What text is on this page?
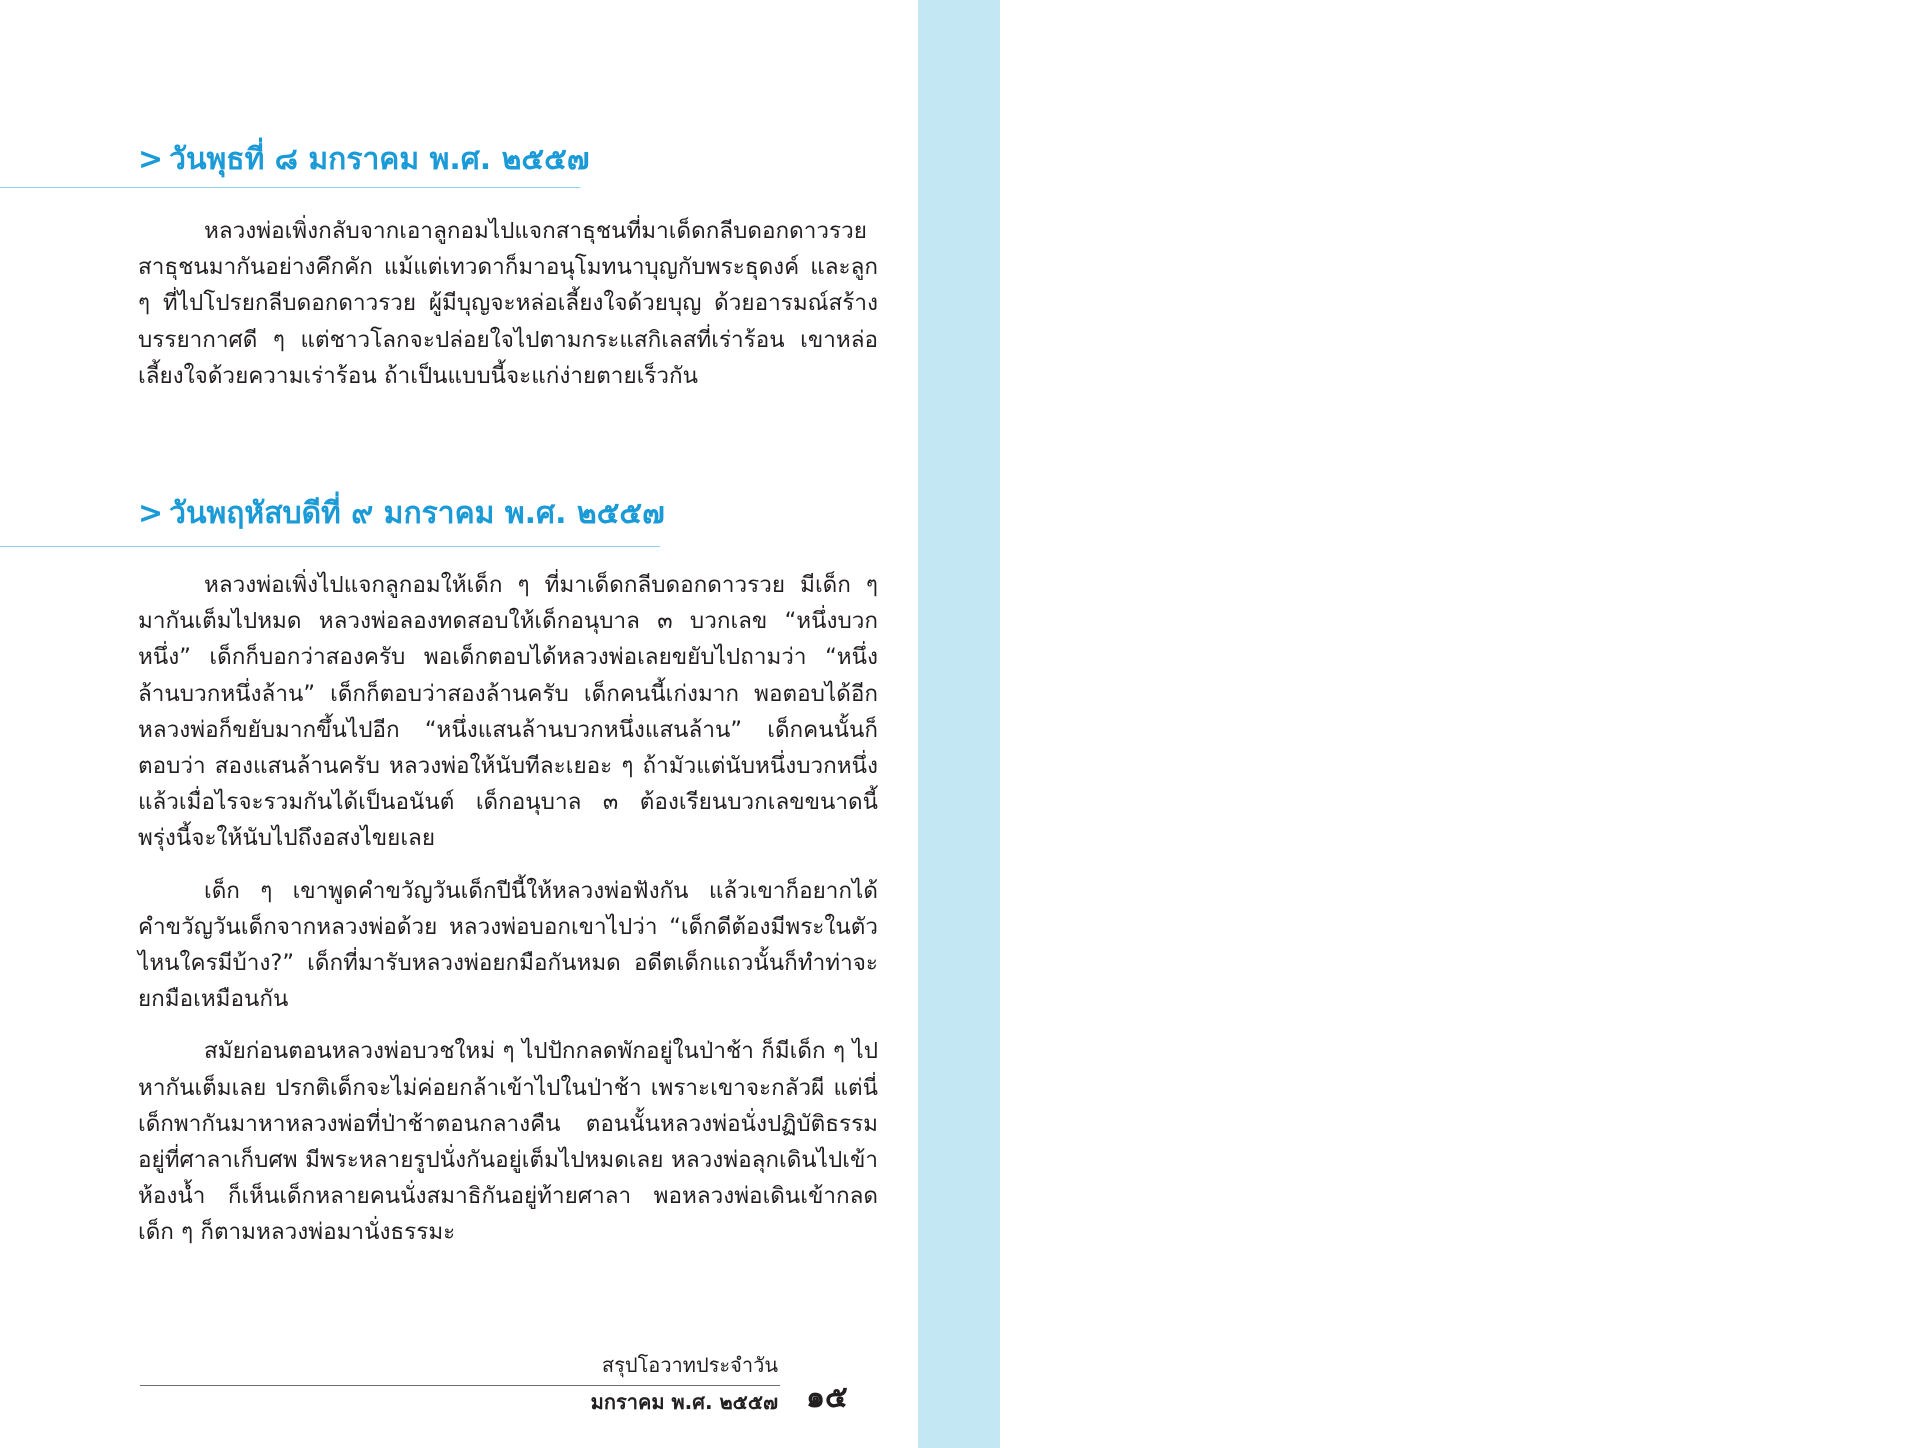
JANUARY 2557
> วันพุธที่ ๘ มกราคม พ.ศ. ๒๕๕๗

หลวงพ่อเพิ่งกลับจากเอาลูกอมไปแจกสาธุชนที่มาเด็ดกลีบดอกดาวรวย สาธุชนมากันอย่างคึกคัก แม้แต่เทวดาก็มาอนุโมทนาบุญกับพระธุดงค์ และลูก ๆ ที่ไปโปรยกลีบดอกดาวรวย ผู้มีบุญจะหล่อเลี้ยงใจด้วยบุญ ด้วยอารมณ์สร้างบรรยากาศดี ๆ แต่ชาวโลกจะปล่อยใจไปตามกระแสกิเลสที่เร่าร้อน เขาหล่อเลี้ยงใจด้วยความเร่าร้อน ถ้าเป็นแบบนี้จะแก่ง่ายตายเร็วกัน

> วันพฤหัสบดีที่ ๙ มกราคม พ.ศ. ๒๕๕๗

หลวงพ่อเพิ่งไปแจกลูกอมให้เด็ก ๆ ที่มาเด็ดกลีบดอกดาวรวย มีเด็ก ๆ มากันเต็มไปหมด หลวงพ่อลองทดสอบให้เด็กอนุบาล ๓ บวกเลข “หนึ่งบวกหนึ่ง” เด็กก็บอกว่าสองครับ พอเด็กตอบได้หลวงพ่อเลยขยับไปถามว่า “หนึ่งล้านบวกหนึ่งล้าน” เด็กก็ตอบว่าสองล้านครับ เด็กคนนี้เก่งมาก พอตอบได้อีกหลวงพ่อก็ขยับมากขึ้นไปอีก “หนึ่งแสนล้านบวกหนึ่งแสนล้าน” เด็กคนนั้นก็ตอบว่า สองแสนล้านครับ หลวงพ่อให้นับทีละเยอะ ๆ ถ้ามัวแต่นับหนึ่งบวกหนึ่งแล้วเมื่อไรจะรวมกันได้เป็นอนันต์ เด็กอนุบาล ๓ ต้องเรียนบวกเลขขนาดนี้ พรุ่งนี้จะให้นับไปถึงอสงไขยเลย

เด็ก ๆ เขาพูดคำขวัญวันเด็กปีนี้ให้หลวงพ่อฟังกัน แล้วเขาก็อยากได้คำขวัญวันเด็กจากหลวงพ่อด้วย หลวงพ่อบอกเขาไปว่า “เด็กดีต้องมีพระในตัว ไหนใครมีบ้าง?” เด็กที่มารับหลวงพ่อยกมือกันหมด อดีตเด็กแถวนั้นก็ทำท่าจะยกมือเหมือนกัน

สมัยก่อนตอนหลวงพ่อบวชใหม่ ๆ ไปปักกลดพักอยู่ในป่าช้า ก็มีเด็ก ๆ ไปหากันเต็มเลย ปรกติเด็กจะไม่ค่อยกล้าเข้าไปในป่าช้า เพราะเขาจะกลัวผี แต่นี่เด็กพากันมาหาหลวงพ่อที่ป่าช้าตอนกลางคืน ตอนนั้นหลวงพ่อนั่งปฏิบัติธรรมอยู่ที่ศาลาเก็บศพ มีพระหลายรูปนั่งกันอยู่เต็มไปหมดเลย หลวงพ่อลุกเดินไปเข้าห้องน้ำ ก็เห็นเด็กหลายคนนั่งสมาธิกันอยู่ท้ายศาลา พอหลวงพ่อเดินเข้ากลด เด็ก ๆ ก็ตามหลวงพ่อมานั่งธรรมะ

สรุปโอวาทประจำวัน
มกราคม พ.ศ. ๒๕๕๗ ๑๕
